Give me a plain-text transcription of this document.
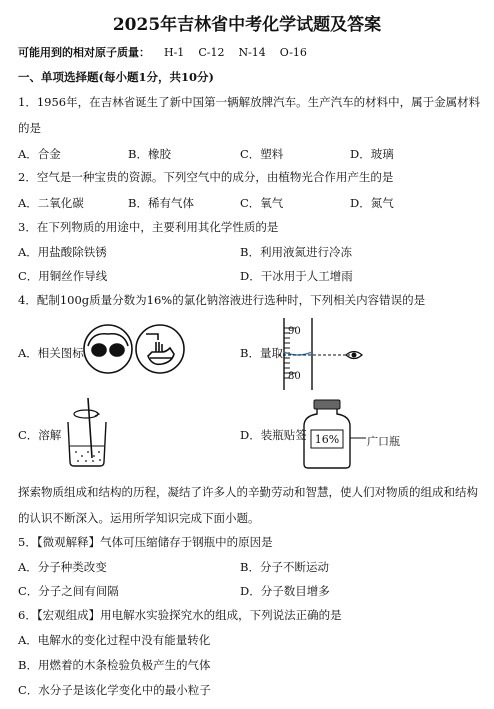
2025年吉林省中考化学试题及答案
可能用到的相对原子质量： H-1 C-12 N-14 O-16
一、单项选择题(每小题1分，共10分)
1．1956年，在吉林省诞生了新中国第一辆解放牌汽车。生产汽车的材料中，属于金属材料
的是
A．合金	B．橡胶	C．塑料	D．玻璃
2．空气是一种宝贵的资源。下列空气中的成分，由植物光合作用产生的是
A．二氧化碳	B．稀有气体	C．氧气	D．氮气
3．在下列物质的用途中，主要利用其化学性质的是
A．用盐酸除铁锈	B．利用液氮进行冷冻
C．用铜丝作导线	D．干冰用于人工增雨
4．配制100g质量分数为16%的氯化钠溶液进行选种时，下列相关内容错误的是
A．相关图标	B．量取
90
80
C．溶解	D．装瓶贴签 16%	广口瓶
探索物质组成和结构的历程，凝结了许多人的辛勤劳动和智慧，使人们对物质的组成和结构
的认识不断深入。运用所学知识完成下面小题。
5．【微观解释】气体可压缩储存于钢瓶中的原因是
A．分子种类改变	B．分子不断运动
C．分子之间有间隔	D．分子数目增多
6．【宏观组成】用电解水实验探究水的组成，下列说法正确的是
A．电解水的变化过程中没有能量转化
B．用燃着的木条检验负极产生的气体
C．水分子是该化学变化中的最小粒子
